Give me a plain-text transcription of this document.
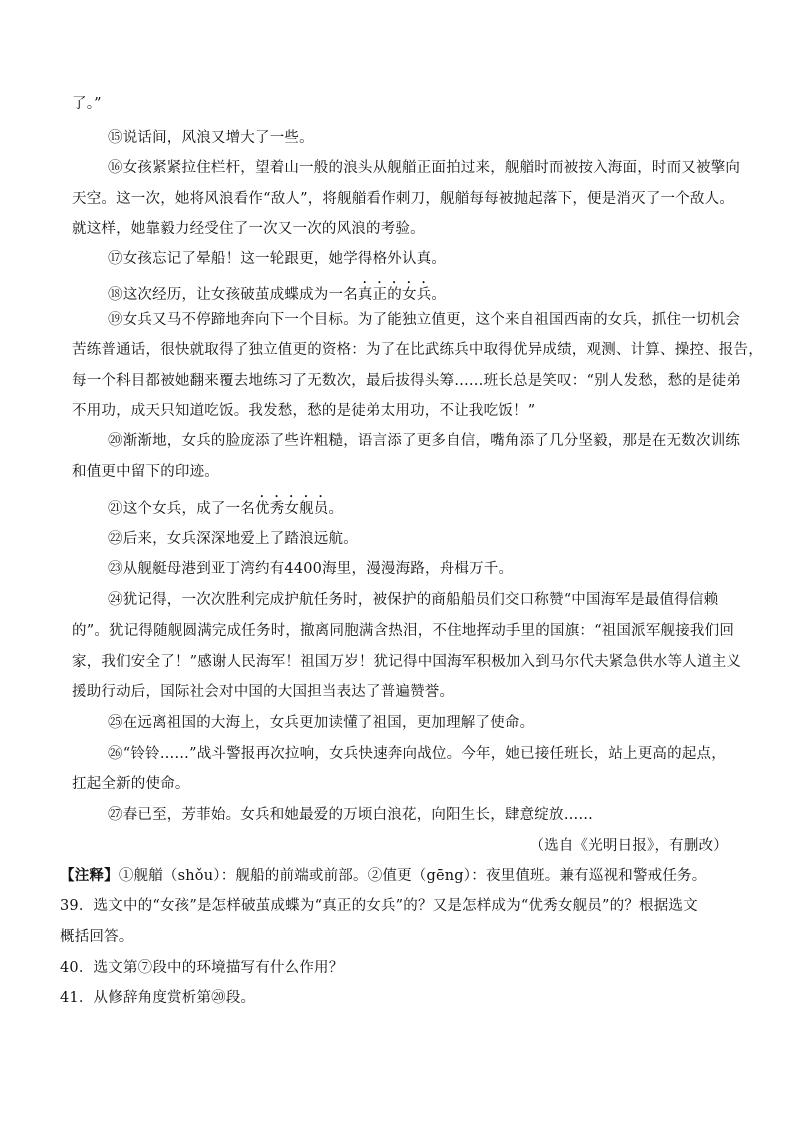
了。”
⑮说话间，风浪又增大了一些。
⑯女孩紧紧拉住栏杆，望着山一般的浪头从舰艏正面拍过来，舰艏时而被按入海面，时而又被擎向
天空。这一次，她将风浪看作“敌人”，将舰艏看作刺刀，舰艏每每被抛起落下，便是消灭了一个敌人。
就这样，她靠毅力经受住了一次又一次的风浪的考验。
⑰女孩忘记了晕船！这一轮跟更，她学得格外认真。
⑱这次经历，让女孩破茧成蝶成为一名真正的女兵。
⑲女兵又马不停蹄地奔向下一个目标。为了能独立值更，这个来自祖国西南的女兵，抓住一切机会
苦练普通话，很快就取得了独立值更的资格：为了在比武练兵中取得优异成绩，观测、计算、操控、报告，
每一个科目都被她翻来覆去地练习了无数次，最后拔得头筹……班长总是笑叹：“别人发愁，愁的是徒弟
不用功，成天只知道吃饭。我发愁，愁的是徒弟太用功，不让我吃饭！”
⑳渐渐地，女兵的脸庞添了些许粗糙，语言添了更多自信，嘴角添了几分坚毅，那是在无数次训练
和值更中留下的印迹。
㉑这个女兵，成了一名优秀女舰员。
㉒后来，女兵深深地爱上了踏浪远航。
㉓从舰艇母港到亚丁湾约有4400海里，漫漫海路，舟楫万千。
㉔犹记得，一次次胜利完成护航任务时，被保护的商船船员们交口称赞“中国海军是最值得信赖
的”。犹记得随舰圆满完成任务时，撤离同胞满含热泪，不住地挥动手里的国旗：“祖国派军舰接我们回
家，我们安全了！”感谢人民海军！祖国万岁！犹记得中国海军积极加入到马尔代夫紧急供水等人道主义
援助行动后，国际社会对中国的大国担当表达了普遍赞誉。
㉕在远离祖国的大海上，女兵更加读懂了祖国，更加理解了使命。
㉖“铃铃……”战斗警报再次拉响，女兵快速奔向战位。今年，她已接任班长，站上更高的起点，
扛起全新的使命。
㉗春已至，芳菲始。女兵和她最爱的万顷白浪花，向阳生长，肆意绽放……
（选自《光明日报》，有删改）
【注释】①舰艏（shǒu）：舰船的前端或前部。②值更（gēng）：夜里值班。兼有巡视和警戒任务。
39．选文中的“女孩”是怎样破茧成蝶为“真正的女兵”的？又是怎样成为“优秀女舰员”的？根据选文
概括回答。
40．选文第⑦段中的环境描写有什么作用？
41．从修辞角度赏析第⑳段。
